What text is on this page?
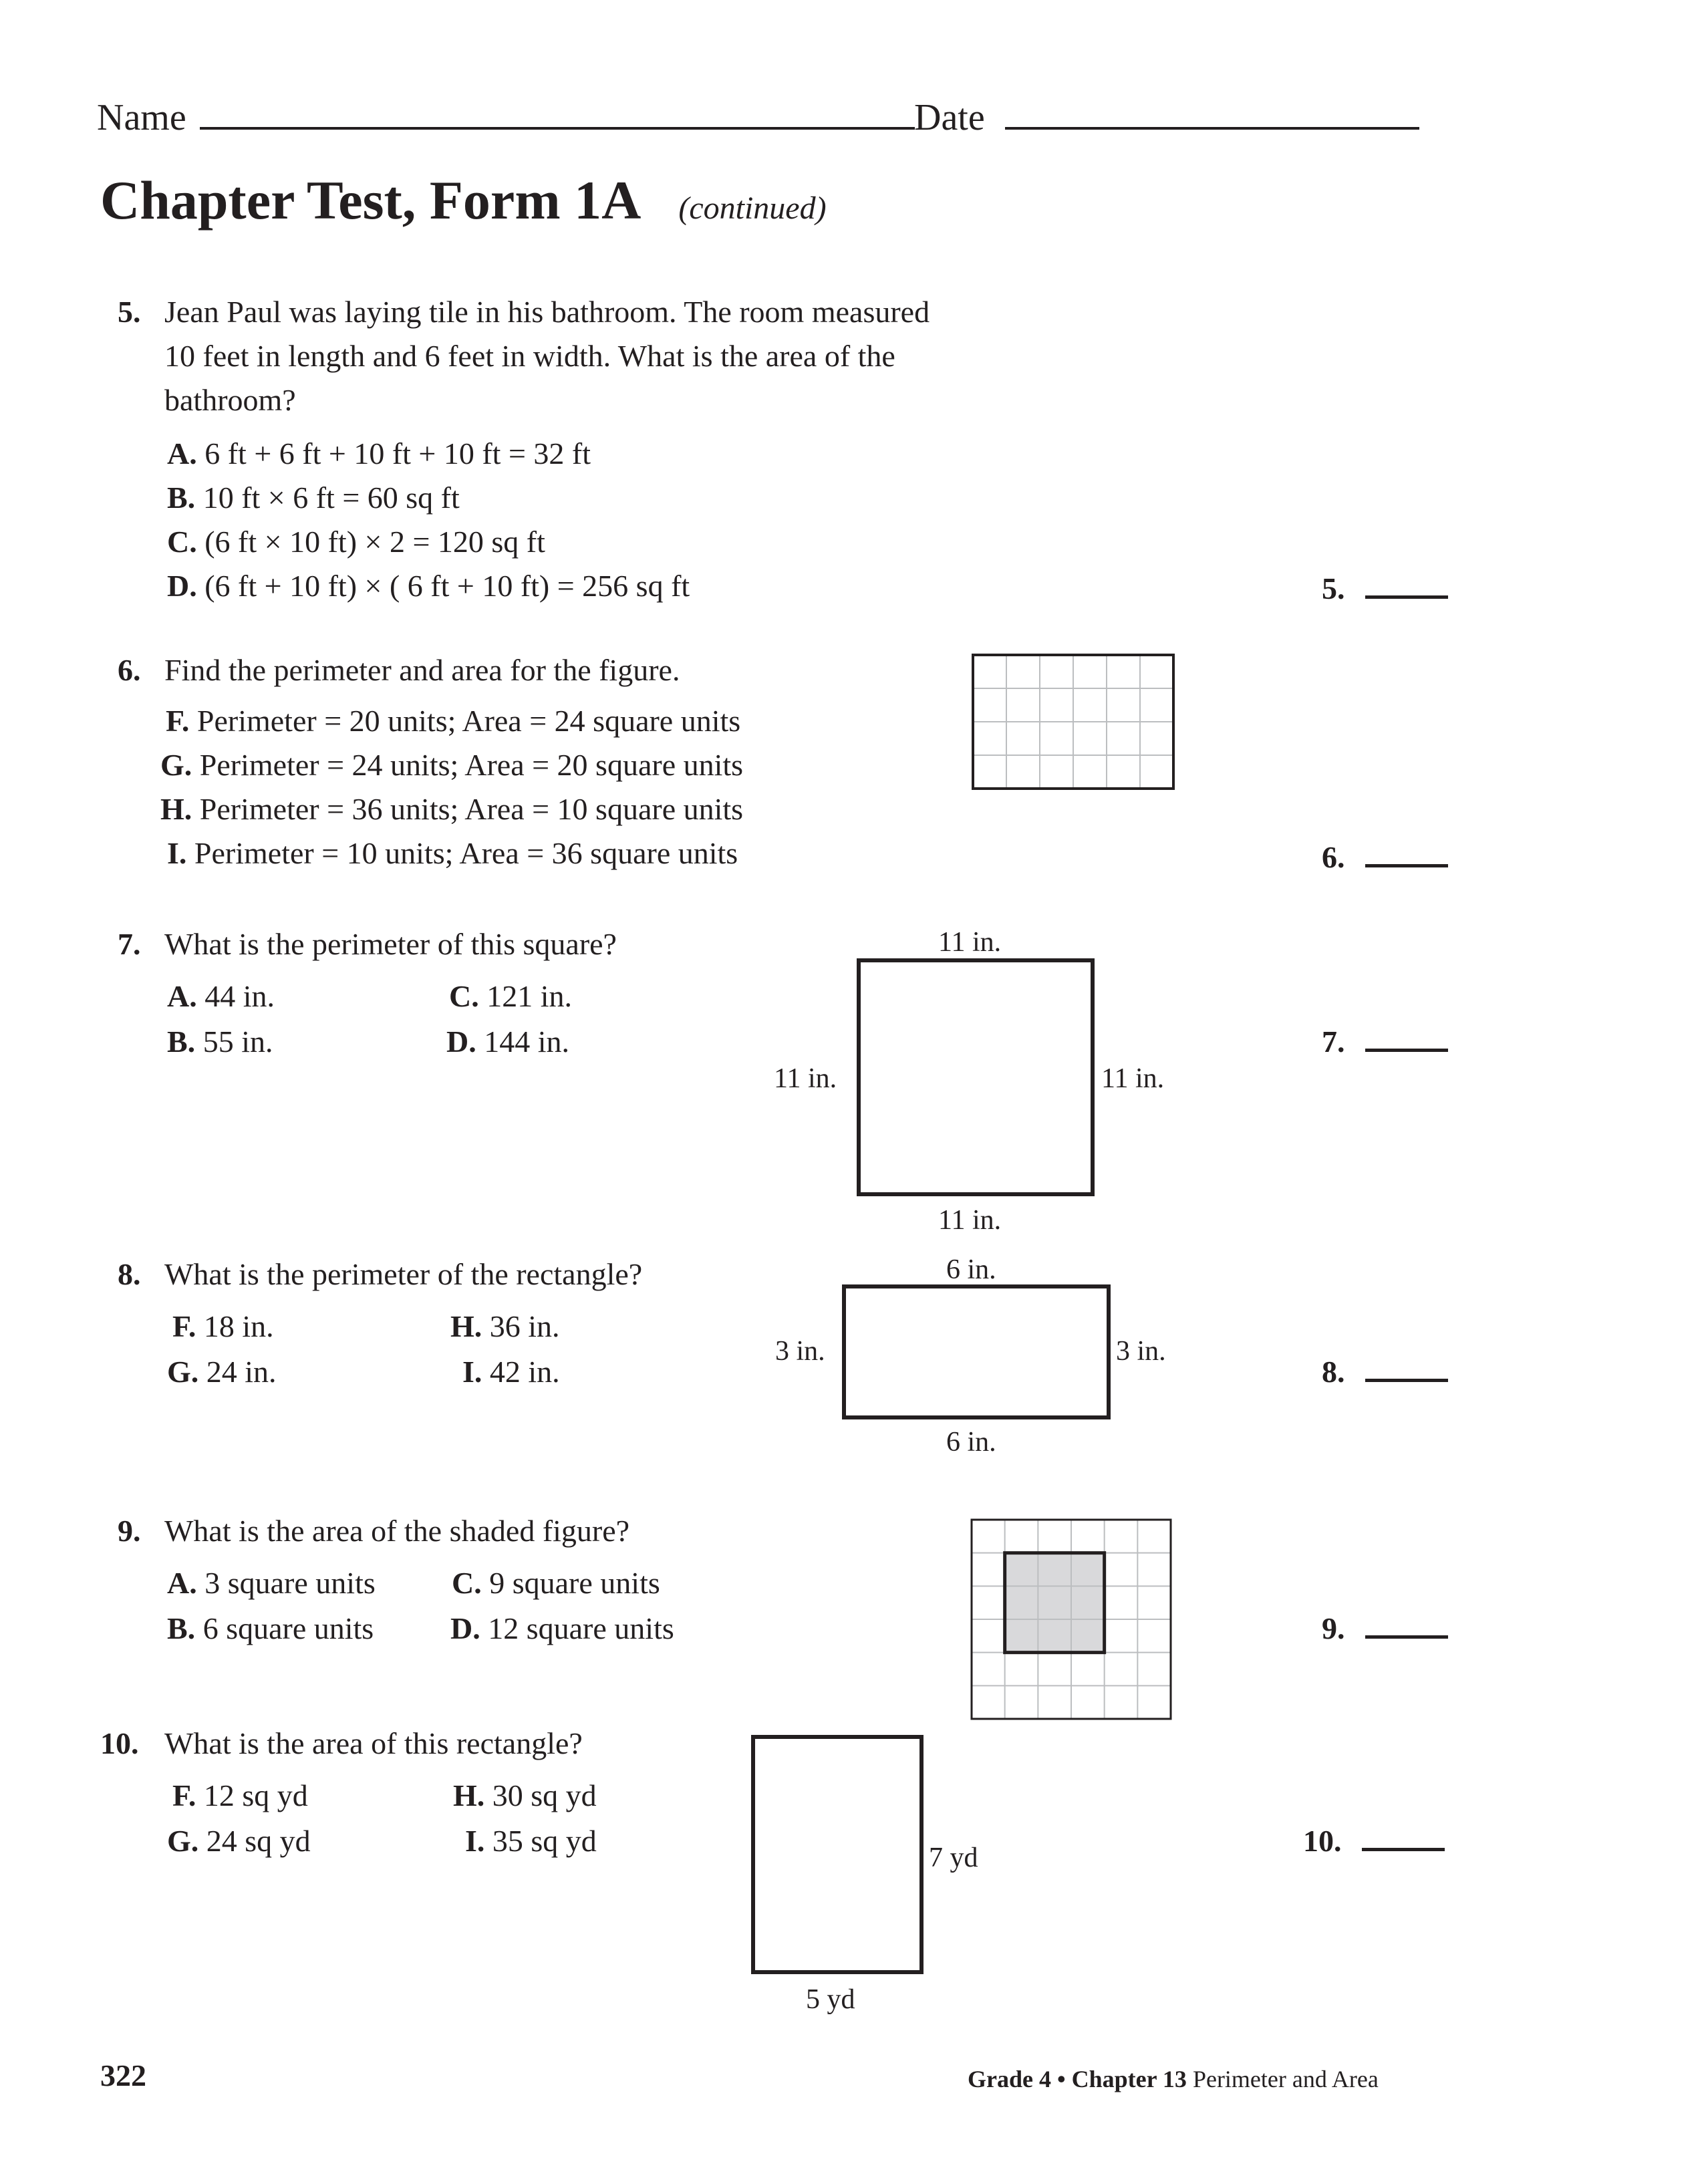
Name	Date
Chapter Test, Form 1A (continued)
5. Jean Paul was laying tile in his bathroom. The room measured
10 feet in length and 6 feet in width. What is the area of the
bathroom?
A. 6 ft + 6 ft + 10 ft + 10 ft = 32 ft
B. 10 ft × 6 ft = 60 sq ft
C. (6 ft × 10 ft) × 2 = 120 sq ft
D. (6 ft + 10 ft) × ( 6 ft + 10 ft) = 256 sq ft	5.
6. Find the perimeter and area for the figure.
F. Perimeter = 20 units; Area = 24 square units
G. Perimeter = 24 units; Area = 20 square units
H. Perimeter = 36 units; Area = 10 square units
I. Perimeter = 10 units; Area = 36 square units	6.
7. What is the perimeter of this square?
A. 44 in.
B. 55 in.
C. 121 in.
D. 144 in.
11 in.
11 in.	11 in.
11 in.
7.
8. What is the perimeter of the rectangle?
F. 18 in.
G. 24 in.
H. 36 in.
I. 42 in.
6 in.
3 in.	3 in.
6 in.
8.
9. What is the area of the shaded figure?
A. 3 square units
B. 6 square units
C. 9 square units
D. 12 square units	9.
10. What is the area of this rectangle?
F. 12 sq yd
G. 24 sq yd
H. 30 sq yd
I. 35 sq yd	7 yd
5 yd
10.
322	Grade 4 • Chapter 13 Perimeter and Area
